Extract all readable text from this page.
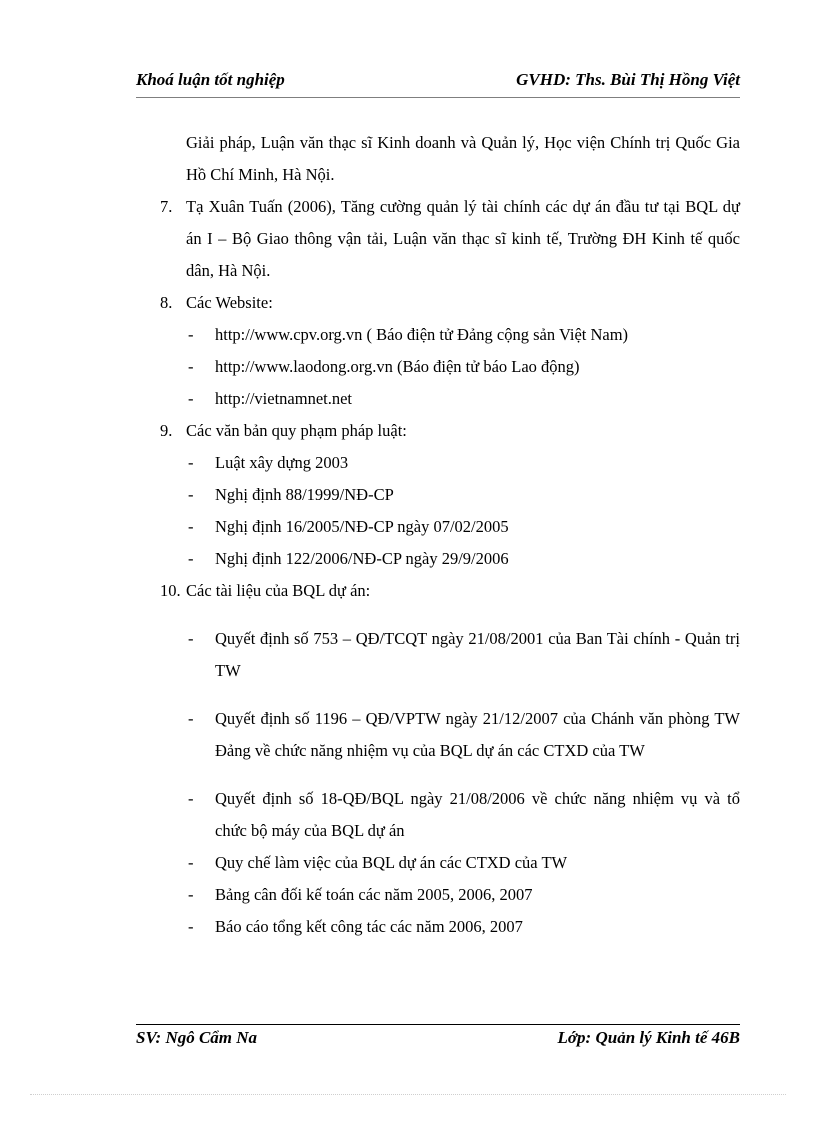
Khoá luận tốt nghiệp	GVHD: Ths. Bùi Thị Hồng Việt

Giải pháp, Luận văn thạc sĩ Kinh doanh và Quản lý, Học viện Chính trị Quốc Gia Hồ Chí Minh, Hà Nội.

7. Tạ Xuân Tuấn (2006), Tăng cường quản lý tài chính các dự án đầu tư tại BQL dự án I – Bộ Giao thông vận tải, Luận văn thạc sĩ kinh tế, Trường ĐH Kinh tế quốc dân, Hà Nội.

8. Các Website:

- http://www.cpv.org.vn ( Báo điện tử Đảng cộng sản Việt Nam)

- http://www.laodong.org.vn (Báo điện tử báo Lao động)

- http://vietnamnet.net

9. Các văn bản quy phạm pháp luật:

- Luật xây dựng 2003

- Nghị định 88/1999/NĐ-CP

- Nghị định 16/2005/NĐ-CP ngày 07/02/2005

- Nghị định 122/2006/NĐ-CP ngày 29/9/2006

10. Các tài liệu của BQL dự án:

- Quyết định số 753 – QĐ/TCQT ngày 21/08/2001 của Ban Tài chính - Quản trị TW

- Quyết định số 1196 – QĐ/VPTW ngày 21/12/2007 của Chánh văn phòng TW Đảng về chức năng nhiệm vụ của BQL dự án các CTXD của TW

- Quyết định số 18-QĐ/BQL ngày 21/08/2006 về chức năng nhiệm vụ và tổ chức bộ máy của BQL dự án

- Quy chế làm việc của BQL dự án các CTXD của TW

- Bảng cân đối kế toán các năm 2005, 2006, 2007

- Báo cáo tổng kết công tác các năm 2006, 2007

SV: Ngô Cẩm Na	Lớp: Quản lý Kinh tế 46B
